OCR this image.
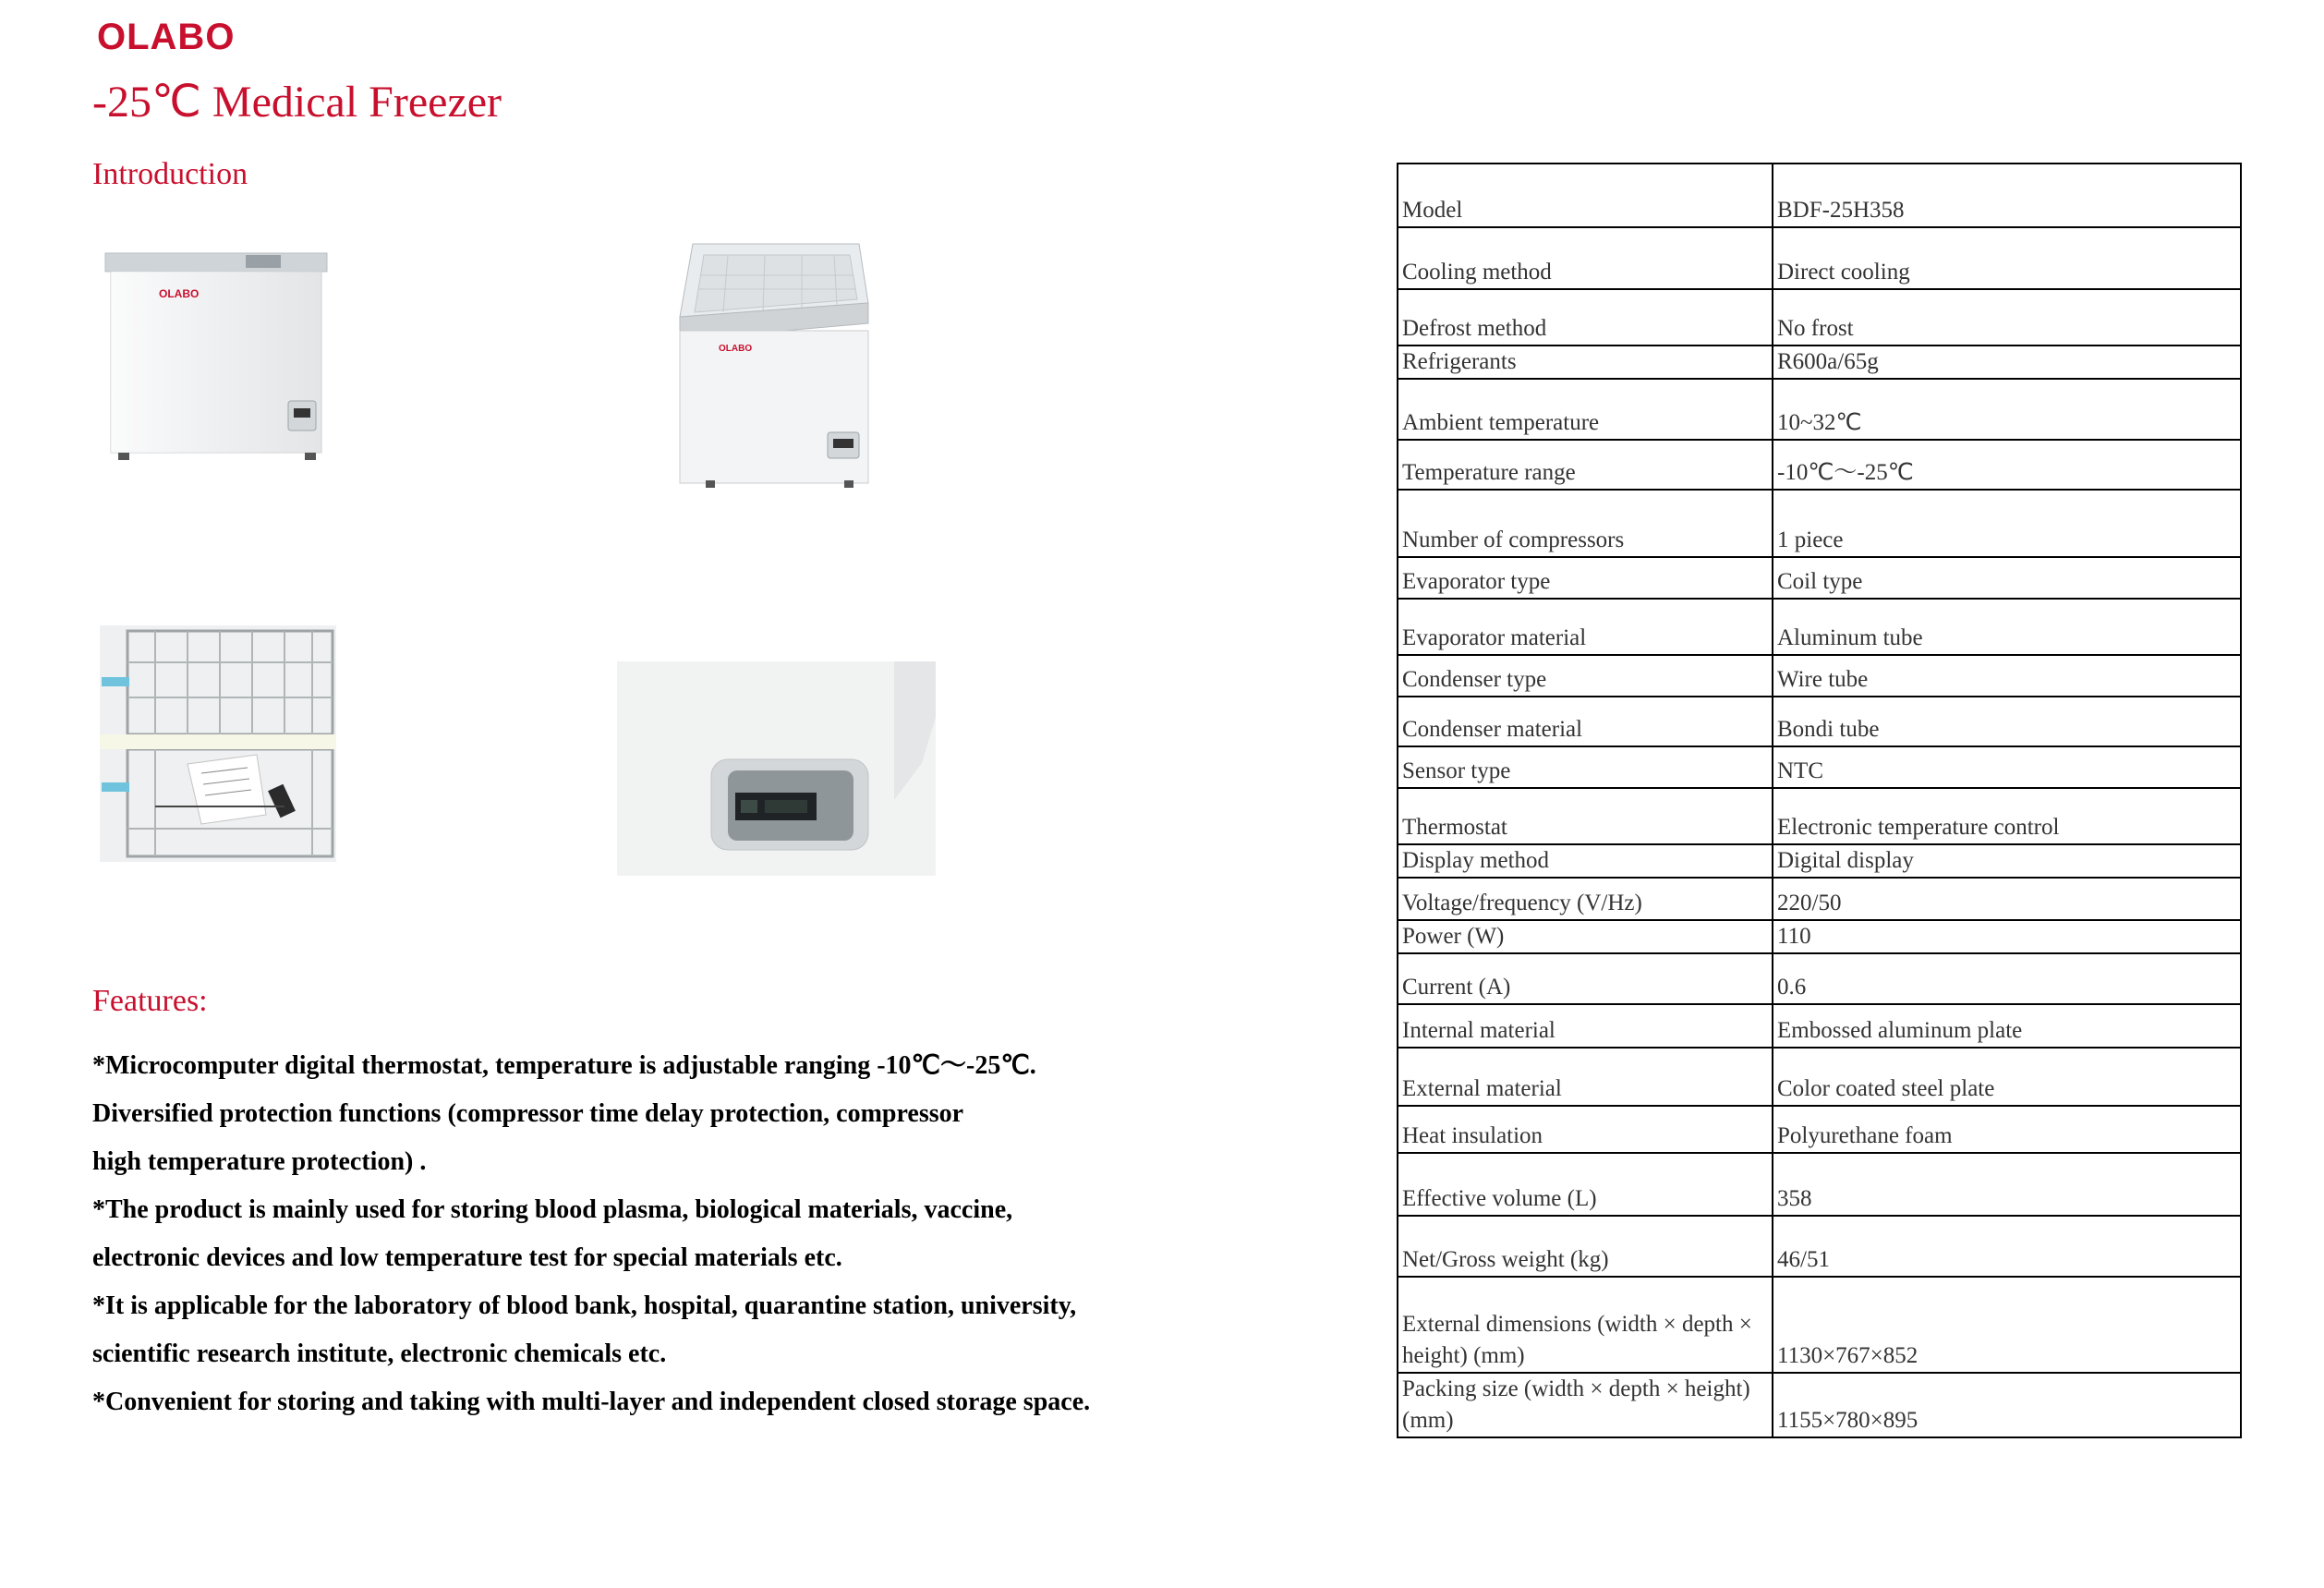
OLABO
-25℃ Medical Freezer
Introduction
OLABO
OLABO
Features:
*Microcomputer digital thermostat, temperature is adjustable ranging -10℃～-25℃.
Diversified protection functions (compressor time delay protection, compressor
high temperature protection) .
*The product is mainly used for storing blood plasma, biological materials, vaccine,
electronic devices and low temperature test for special materials etc.
*It is applicable for the laboratory of blood bank, hospital, quarantine station, university,
scientific research institute, electronic chemicals etc.
*Convenient for storing and taking with multi-layer and independent closed storage space.
Model	BDF-25H358
Cooling method	Direct cooling
Defrost method	No frost
Refrigerants	R600a/65g
Ambient temperature	10~32℃
Temperature range	-10℃～-25℃
Number of compressors	1 piece
Evaporator type	Coil type
Evaporator material	Aluminum tube
Condenser type	Wire tube
Condenser material	Bondi tube
Sensor type	NTC
Thermostat	Electronic temperature control
Display method	Digital display
Voltage/frequency (V/Hz)	220/50
Power (W)	110
Current (A)	0.6
Internal material	Embossed aluminum plate
External material	Color coated steel plate
Heat insulation	Polyurethane foam
Effective volume (L)	358
Net/Gross weight (kg)	46/51
External dimensions (width × depth × height) (mm)	1130×767×852
Packing size (width × depth × height) (mm)	1155×780×895
